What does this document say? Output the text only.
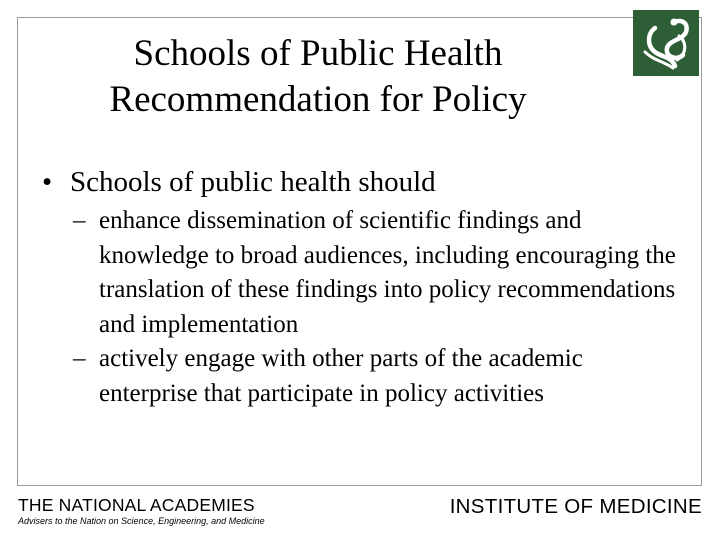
Schools of Public Health
Recommendation for Policy
• Schools of public health should
– enhance dissemination of scientific findings and knowledge to broad audiences, including encouraging the translation of these findings into policy recommendations and implementation
– actively engage with other parts of the academic enterprise that participate in policy activities
THE NATIONAL ACADEMIES
Advisers to the Nation on Science, Engineering, and Medicine
INSTITUTE OF MEDICINE
